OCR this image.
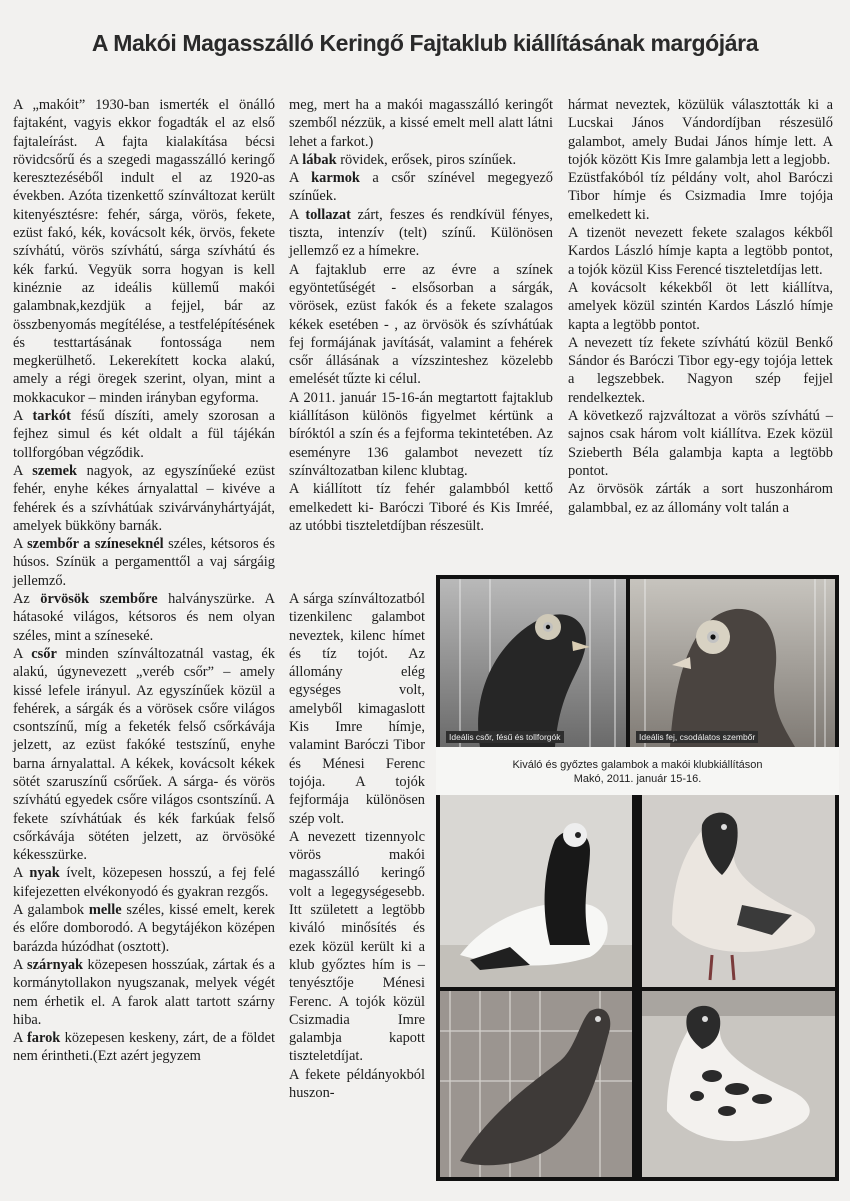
A Makói Magasszálló Keringő Fajtaklub kiállításának margójára

A „makóit” 1930-ban ismerték el önálló fajtaként, vagyis ekkor fogadták el az első fajtaleírást. A fajta kialakítása bécsi rövidcsőrű és a szegedi magasszálló keringő keresztezéséből indult el az 1920-as években. Azóta tizenkettő színváltozat került kitenyésztésre: fehér, sárga, vörös, fekete, ezüst fakó, kék, kovácsolt kék, örvös, fekete szívhátú, vörös szívhátú, sárga szívhátú és kék farkú. Vegyük sorra hogyan is kell kinéznie az ideális küllemű makói galambnak,kezdjük a fejjel, bár az összbenyomás megítélése, a testfelépítésének és testtartásának fontossága nem megkerülhető. Lekerekített kocka alakú, amely a régi öregek szerint, olyan, mint a mokkacukor – minden irányban egyforma.

A tarkót fésű díszíti, amely szorosan a fejhez simul és két oldalt a fül tájékán tollforgóban végződik.

A szemek nagyok, az egyszínűeké ezüst fehér, enyhe kékes árnyalattal – kivéve a fehérek és a szívhátúak szivárványhártyáját, amelyek bükköny barnák.

A szembőr a színeseknél széles, kétsoros és húsos. Színük a pergamenttől a vaj sárgáig jellemző.

Az örvösök szembőre halványszürke. A hátasoké világos, kétsoros és nem olyan széles, mint a színeseké.

A csőr minden színváltozatnál vastag, ék alakú, úgynevezett „veréb csőr” – amely kissé lefele irányul. Az egyszínűek közül a fehérek, a sárgák és a vörösek csőre világos csontszínű, míg a feketék felső csőrkávája jelzett, az ezüst fakóké testszínű, enyhe barna árnyalattal. A kékek, kovácsolt kékek sötét szaruszínű csőrűek. A sárga- és vörös szívhátú egyedek csőre világos csontszínű. A fekete szívhátúak és kék farkúak felső csőrkávája sötéten jelzett, az örvösöké kékesszürke.

A nyak ívelt, közepesen hosszú, a fej felé kifejezetten elvékonyodó és gyakran rezgős.

A galambok melle széles, kissé emelt, kerek és előre domborodó. A begytájékon középen barázda húzódhat (osztott).

A szárnyak közepesen hosszúak, zártak és a kormánytollakon nyugszanak, melyek végét nem érhetik el. A farok alatt tartott szárny hiba.

A farok közepesen keskeny, zárt, de a földet nem érintheti.(Ezt azért jegyzem

meg, mert ha a makói magasszálló keringőt szemből nézzük, a kissé emelt mell alatt látni lehet a farkot.)

A lábak rövidek, erősek, piros színűek.

A karmok a csőr színével megegyező színűek.

A tollazat zárt, feszes és rendkívül fényes, tiszta, intenzív (telt) színű. Különösen jellemző ez a hímekre.

A fajtaklub erre az évre a színek egyöntetűségét - elsősorban a sárgák, vörösek, ezüst fakók és a fekete szalagos kékek esetében - , az örvösök és szívhátúak fej formájának javítását, valamint a fehérek csőr állásának a vízszinteshez közelebb emelését tűzte ki célul.

A 2011. január 15-16-án megtartott fajtaklub kiállításon különös figyelmet kértünk a bíróktól a szín és a fejforma tekintetében. Az eseményre 136 galambot nevezett tíz színváltozatban kilenc klubtag.

A kiállított tíz fehér galambból kettő emelkedett ki- Baróczi Tiboré és Kis Imréé, az utóbbi tiszteletdíjban részesült.

A sárga színváltozatból tizenkilenc galambot neveztek, kilenc hímet és tíz tojót. Az állomány elég egységes volt, amelyből kimagaslott Kis Imre hímje, valamint Baróczi Tibor és Ménesi Ferenc tojója. A tojók fejformája különösen szép volt.

A nevezett tizennyolc vörös makói magasszálló keringő volt a legegységesebb. Itt született a legtöbb kiváló minősítés és ezek közül került ki a klub győztes hím is – tenyésztője Ménesi Ferenc. A tojók közül Csizmadia Imre galambja kapott tiszteletdíjat.

A fekete példányokból huszon-

hármat neveztek, közülük választották ki a Lucskai János Vándordíjban részesülő galambot, amely Budai János hímje lett. A tojók között Kis Imre galambja lett a legjobb.

Ezüstfakóból tíz példány volt, ahol Baróczi Tibor hímje és Csizmadia Imre tojója emelkedett ki.

A tizenöt nevezett fekete szalagos kékből Kardos László hímje kapta a legtöbb pontot, a tojók közül Kiss Ferencé tiszteletdíjas lett.

A kovácsolt kékekből öt lett kiállítva, amelyek közül szintén Kardos László hímje kapta a legtöbb pontot.

A nevezett tíz fekete szívhátú közül Benkő Sándor és Baróczi Tibor egy-egy tojója lettek a legszebbek. Nagyon szép fejjel rendelkeztek.

A következő rajzváltozat a vörös szívhátú – sajnos csak három volt kiállítva. Ezek közül Szieberth Béla galambja kapta a legtöbb pontot.

Az örvösök zárták a sort huszonhárom galambbal, ez az állomány volt talán a

Ideális csőr, fésű és tollforgók	Ideális fej, csodálatos szembőr
Kiváló és győztes galambok a makói klubkiállításon
Makó, 2011. január 15-16.
